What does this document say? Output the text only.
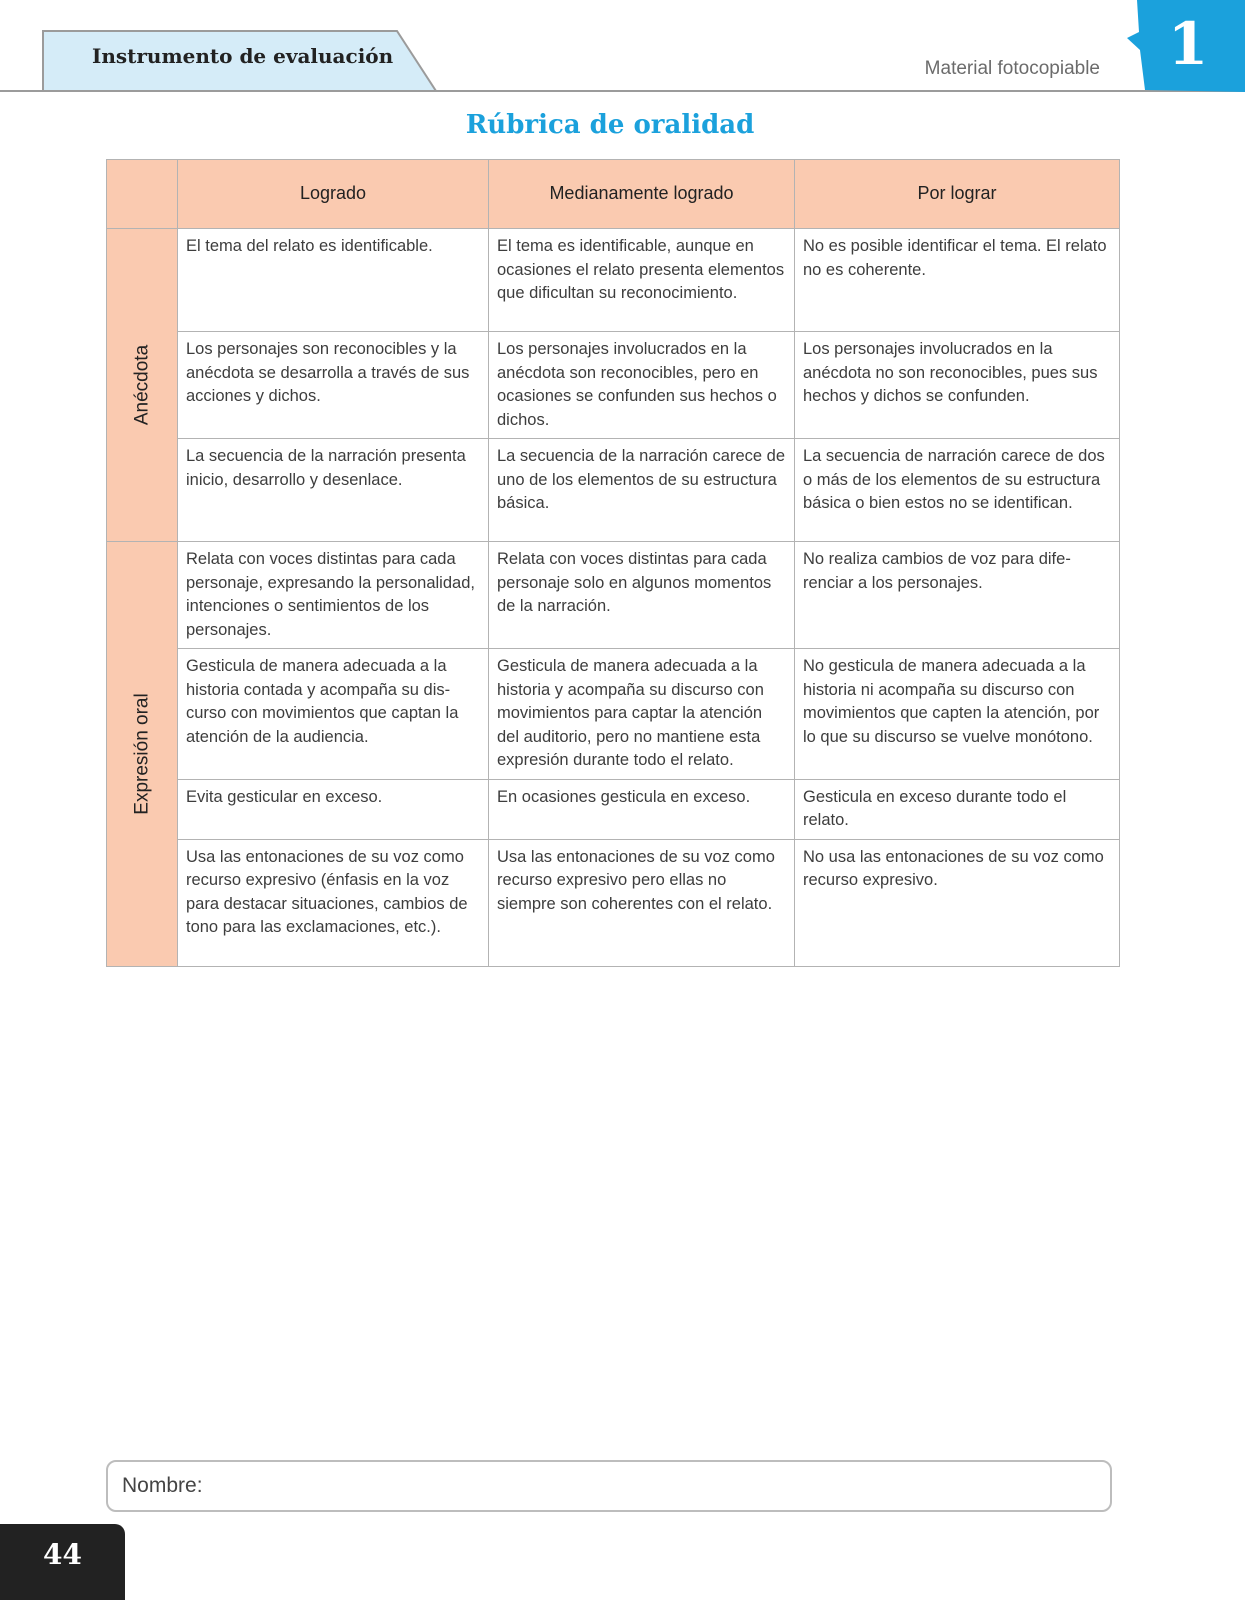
Instrumento de evaluación
Material fotocopiable	1
Rúbrica de oralidad
	Logrado	Medianamente logrado	Por lograr

Anécdota	El tema del relato es identificable.	El tema es identificable, aunque en ocasiones el relato presenta elementos que dificultan su reconocimiento.	No es posible identificar el tema. El relato no es coherente.
	Los personajes son reconocibles y la anécdota se desarrolla a través de sus acciones y dichos.	Los personajes involucrados en la anécdota son reconocibles, pero en ocasiones se confunden sus hechos o dichos.	Los personajes involucrados en la anécdota no son reconocibles, pues sus hechos y dichos se confunden.
	La secuencia de la narración presenta inicio, desarrollo y desenlace.	La secuencia de la narración carece de uno de los elementos de su estructura básica.	La secuencia de narración carece de dos o más de los elementos de su estructura básica o bien estos no se identifican.

Expresión oral	Relata con voces distintas para cada personaje, expresando la personalidad, intenciones o sentimientos de los personajes.	Relata con voces distintas para cada personaje solo en algunos momentos de la narración.	No realiza cambios de voz para diferenciar a los personajes.
	Gesticula de manera adecuada a la historia contada y acompaña su discurso con movimientos que captan la atención de la audiencia.	Gesticula de manera adecuada a la historia y acompaña su discurso con movimientos para captar la atención del auditorio, pero no mantiene esta expresión durante todo el relato.	No gesticula de manera adecuada a la historia ni acompaña su discurso con movimientos que capten la atención, por lo que su discurso se vuelve monótono.
	Evita gesticular en exceso.	En ocasiones gesticula en exceso.	Gesticula en exceso durante todo el relato.
	Usa las entonaciones de su voz como recurso expresivo (énfasis en la voz para destacar situaciones, cambios de tono para las exclamaciones, etc.).	Usa las entonaciones de su voz como recurso expresivo pero ellas no siempre son coherentes con el relato.	No usa las entonaciones de su voz como recurso expresivo.
Nombre:
44
